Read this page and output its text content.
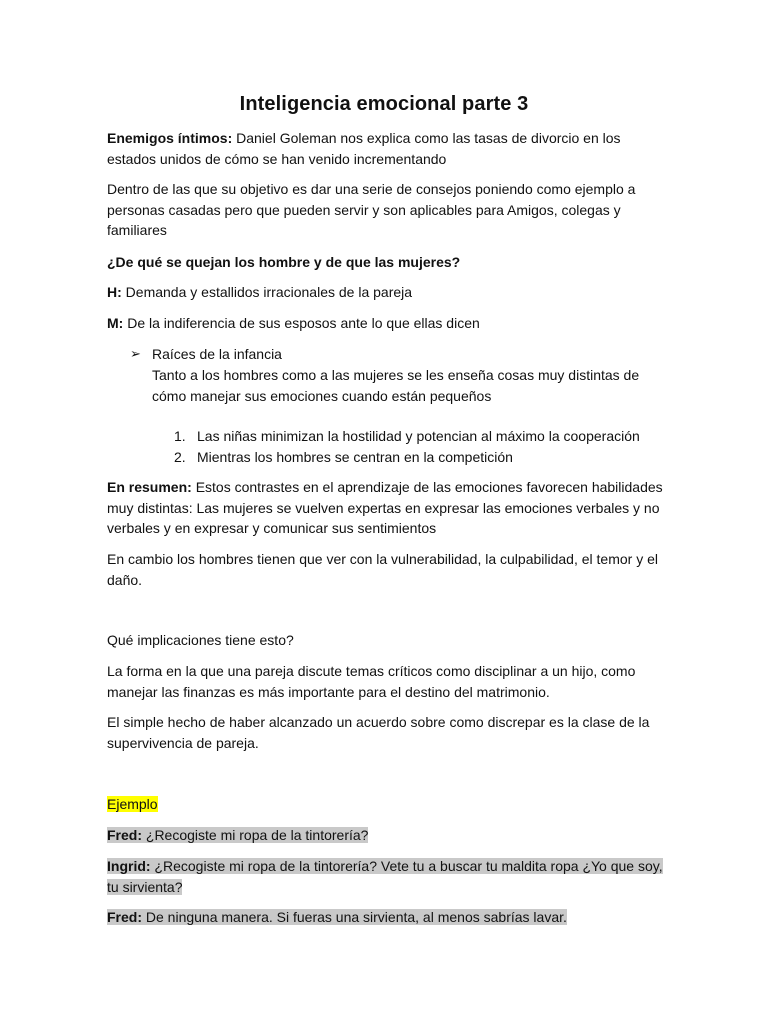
Inteligencia emocional parte 3

Enemigos íntimos: Daniel Goleman nos explica como las tasas de divorcio en los estados unidos de cómo se han venido incrementando

Dentro de las que su objetivo es dar una serie de consejos poniendo como ejemplo a personas casadas pero que pueden servir y son aplicables para Amigos, colegas y familiares

¿De qué se quejan los hombre y de que las mujeres?

H: Demanda y estallidos irracionales de la pareja

M: De la indiferencia de sus esposos ante lo que ellas dicen

➢ Raíces de la infancia

Tanto a los hombres como a las mujeres se les enseña cosas muy distintas de cómo manejar sus emociones cuando están pequeños

1. Las niñas minimizan la hostilidad y potencian al máximo la cooperación

2. Mientras los hombres se centran en la competición

En resumen: Estos contrastes en el aprendizaje de las emociones favorecen habilidades muy distintas: Las mujeres se vuelven expertas en expresar las emociones verbales y no verbales y en expresar y comunicar sus sentimientos

En cambio los hombres tienen que ver con la vulnerabilidad, la culpabilidad, el temor y el daño.

Qué implicaciones tiene esto?

La forma en la que una pareja discute temas críticos como disciplinar a un hijo, como manejar las finanzas es más importante para el destino del matrimonio.

El simple hecho de haber alcanzado un acuerdo sobre como discrepar es la clase de la supervivencia de pareja.

Ejemplo

Fred: ¿Recogiste mi ropa de la tintorería?

Ingrid: ¿Recogiste mi ropa de la tintorería? Vete tu a buscar tu maldita ropa ¿Yo que soy, tu sirvienta?

Fred: De ninguna manera. Si fueras una sirvienta, al menos sabrías lavar.
